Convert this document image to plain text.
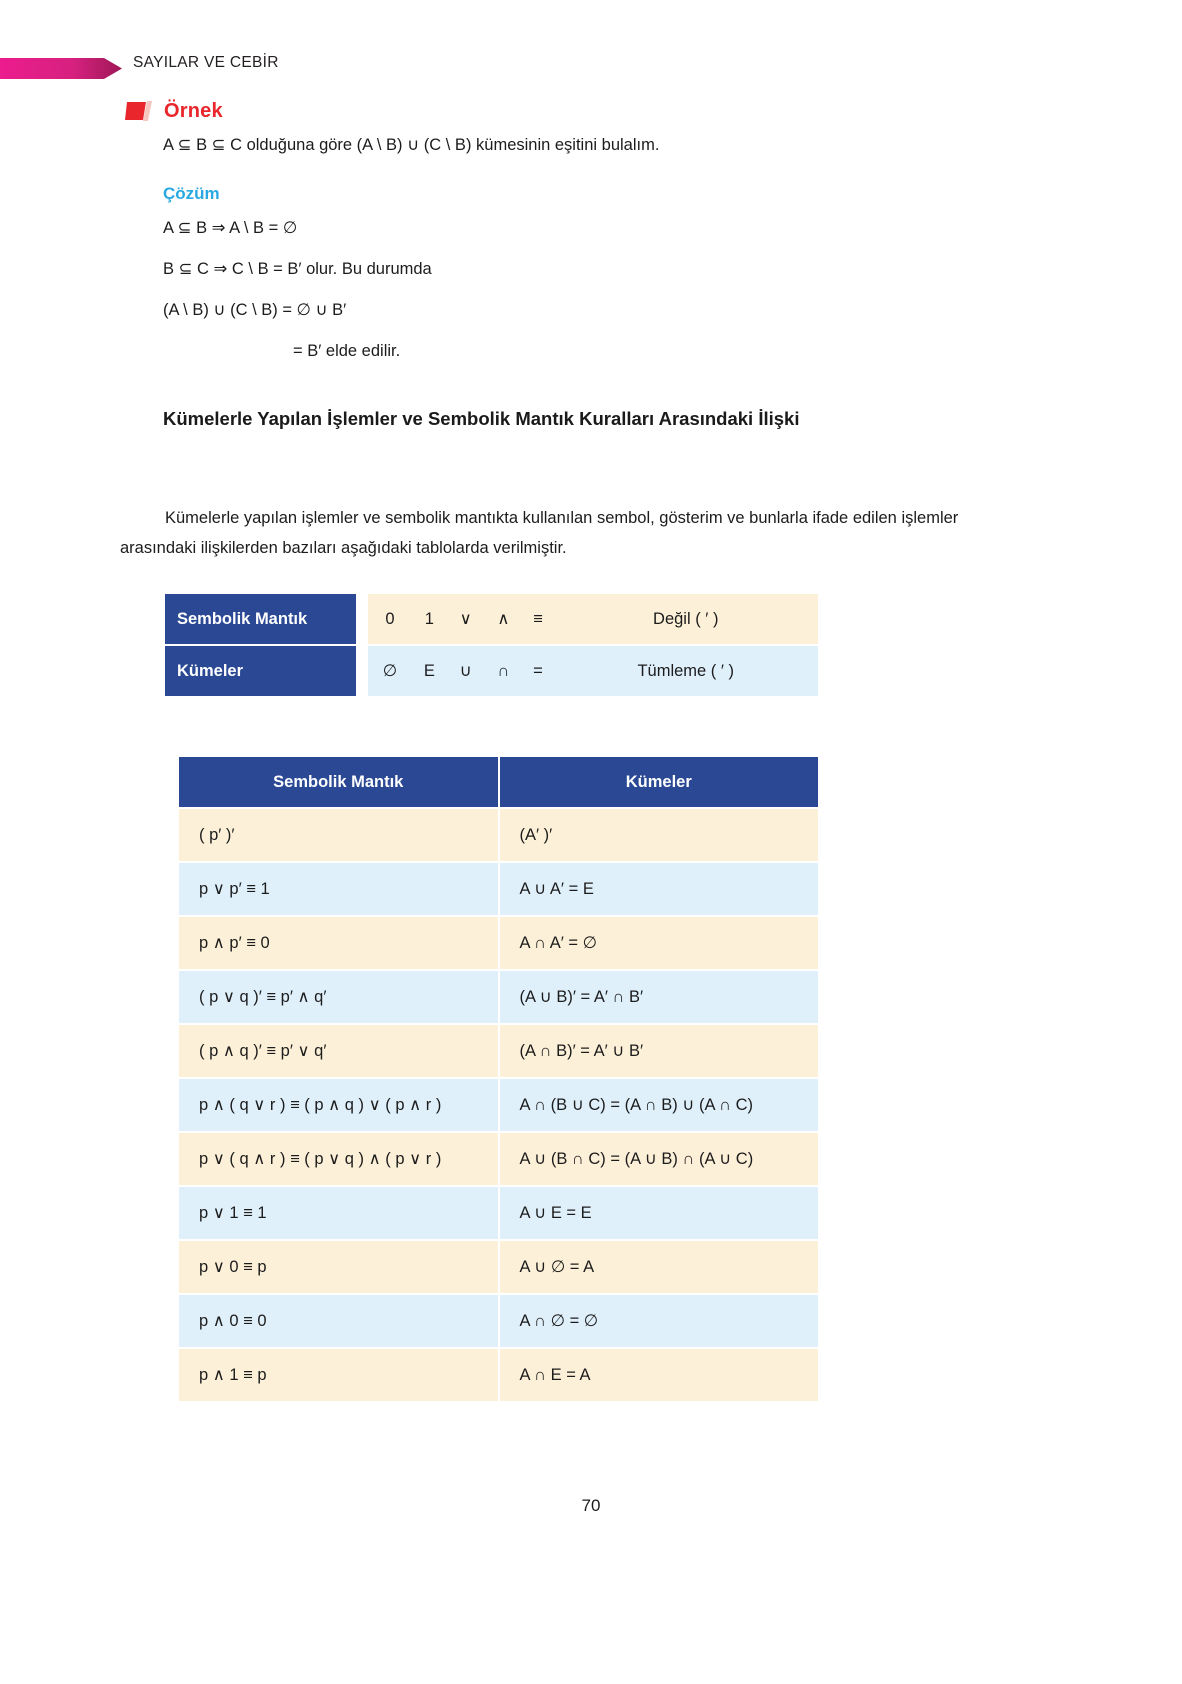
SAYILAR VE CEBİR
Örnek
A ⊆ B ⊆ C olduğuna göre (A \ B) ∪ (C \ B) kümesinin eşitini bulalım.
Çözüm
A ⊆ B ⇒ A \ B = ∅
B ⊆ C ⇒ C \ B = B′ olur. Bu durumda
(A \ B) ∪ (C \ B) = ∅ ∪ B′
= B′ elde edilir.
Kümelerle Yapılan İşlemler ve Sembolik Mantık Kuralları Arasındaki İlişki
Kümelerle yapılan işlemler ve sembolik mantıkta kullanılan sembol, gösterim ve bunlarla ifade edilen işlemler arasındaki ilişkilerden bazıları aşağıdaki tablolarda verilmiştir.
Sembolik Mantık		0	1	∨	∧	≡	Değil ( ′ )
Kümeler		∅	E	∪	∩	=	Tümleme ( ′ )
Sembolik Mantık	Kümeler
( p′ )′	(A′ )′
p ∨ p′ ≡ 1	A ∪ A′ = E
p ∧ p′ ≡ 0	A ∩ A′ = ∅
( p ∨ q )′ ≡ p′ ∧ q′	(A ∪ B)′ = A′ ∩ B′
( p ∧ q )′ ≡ p′ ∨ q′	(A ∩ B)′ = A′ ∪ B′
p ∧ ( q ∨ r ) ≡ ( p ∧ q ) ∨ ( p ∧ r )	A ∩ (B ∪ C) = (A ∩ B) ∪ (A ∩ C)
p ∨ ( q ∧ r ) ≡ ( p ∨ q ) ∧ ( p ∨ r )	A ∪ (B ∩ C) = (A ∪ B) ∩ (A ∪ C)
p ∨ 1 ≡ 1	A ∪ E = E
p ∨ 0 ≡ p	A ∪ ∅ = A
p ∧ 0 ≡ 0	A ∩ ∅ = ∅
p ∧ 1 ≡ p	A ∩ E = A
70
